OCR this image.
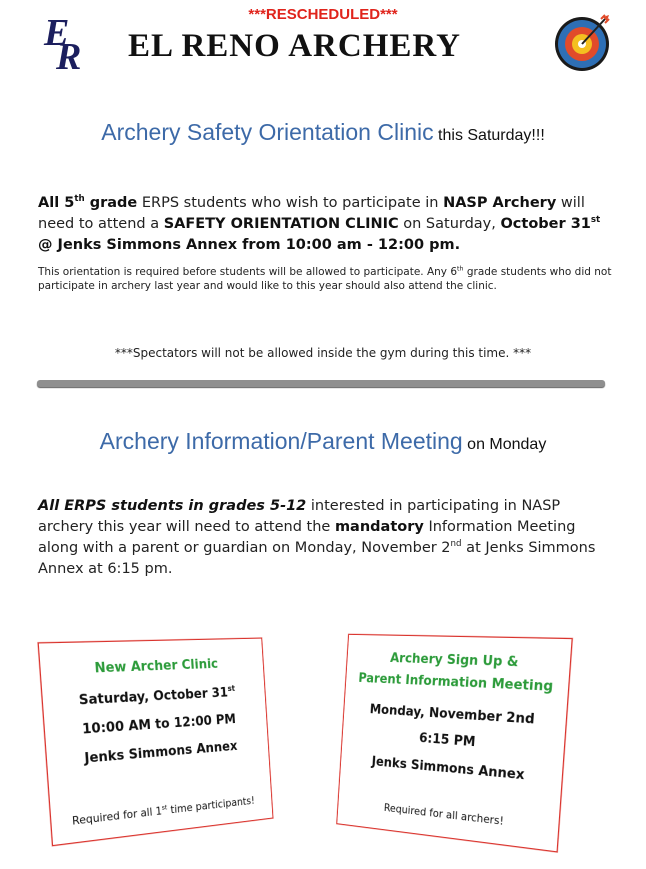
***RESCHEDULED***
E
R EL RENO ARCHERY
Archery Safety Orientation Clinic this Saturday!!!
All 5th grade ERPS students who wish to participate in NASP Archery will need to attend a SAFETY ORIENTATION CLINIC on Saturday, October 31st @ Jenks Simmons Annex from 10:00 am - 12:00 pm.
This orientation is required before students will be allowed to participate. Any 6th grade students who did not participate in archery last year and would like to this year should also attend the clinic.
***Spectators will not be allowed inside the gym during this time. ***
Archery Information/Parent Meeting on Monday
All ERPS students in grades 5-12 interested in participating in NASP archery this year will need to attend the mandatory Information Meeting along with a parent or guardian on Monday, November 2nd at Jenks Simmons Annex at 6:15 pm.
New Archer Clinic
Saturday, October 31st
10:00 AM to 12:00 PM
Jenks Simmons Annex
Required for all 1st time participants!
Archery Sign Up &
Parent Information Meeting
Monday, November 2nd
6:15 PM
Jenks Simmons Annex
Required for all archers!
